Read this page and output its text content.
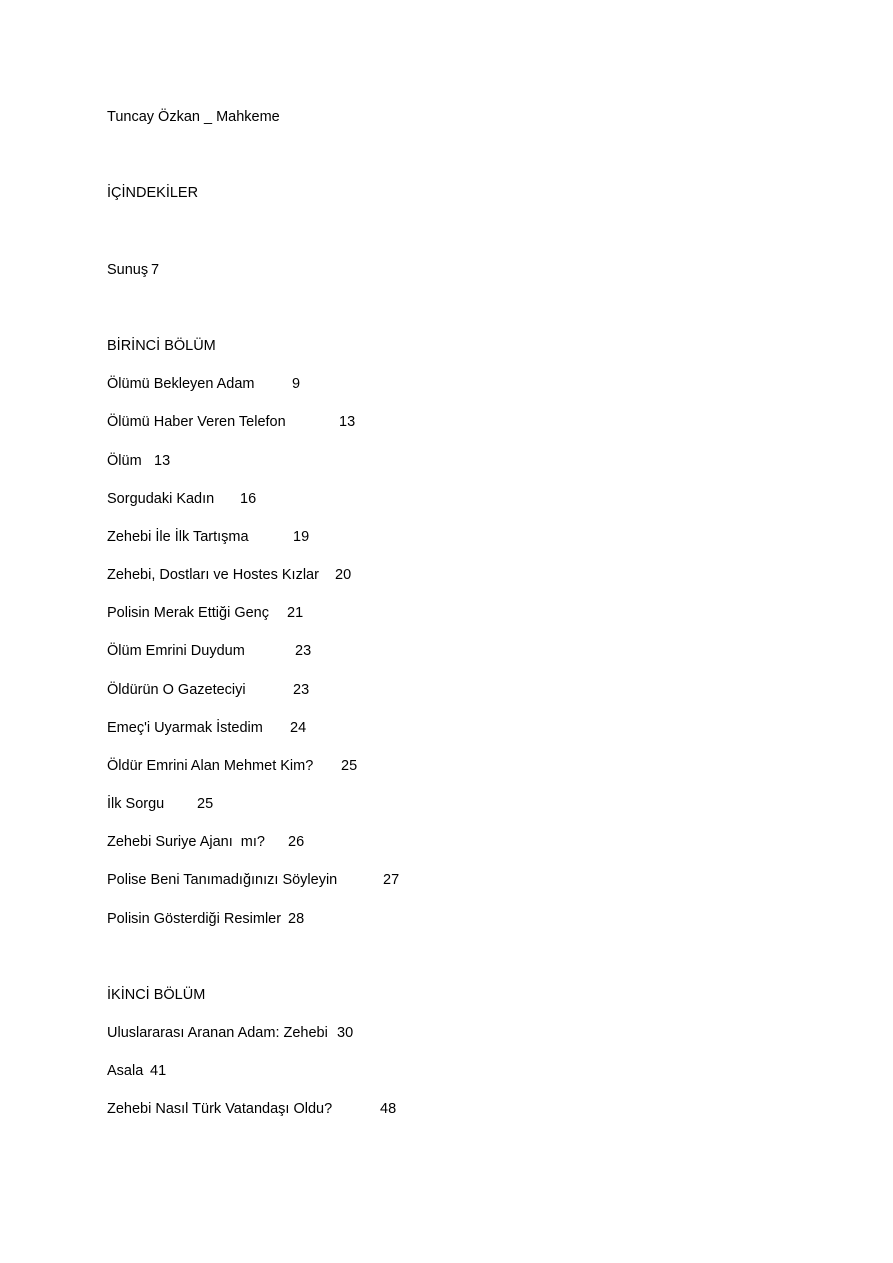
Tuncay Özkan _ Mahkeme
İÇİNDEKİLER
Sunuş 7
BİRİNCİ BÖLÜM
Ölümü Bekleyen Adam	9
Ölümü Haber Veren Telefon	13
Ölüm 13
Sorgudaki Kadın 16
Zehebi İle İlk Tartışma	19
Zehebi, Dostları ve Hostes Kızlar 20
Polisin Merak Ettiği Genç 21
Ölüm Emrini Duydum	23
Öldürün O Gazeteciyi	23
Emeç'i Uyarmak İstedim 24
Öldür Emrini Alan Mehmet Kim? 25
İlk Sorgu 25
Zehebi Suriye Ajanı  mı? 26
Polise Beni Tanımadığınızı Söyleyin	27
Polisin Gösterdiği Resimler 28
İKİNCİ BÖLÜM
Uluslararası Aranan Adam: Zehebi 30
Asala 41
Zehebi Nasıl Türk Vatandaşı Oldu?	48
